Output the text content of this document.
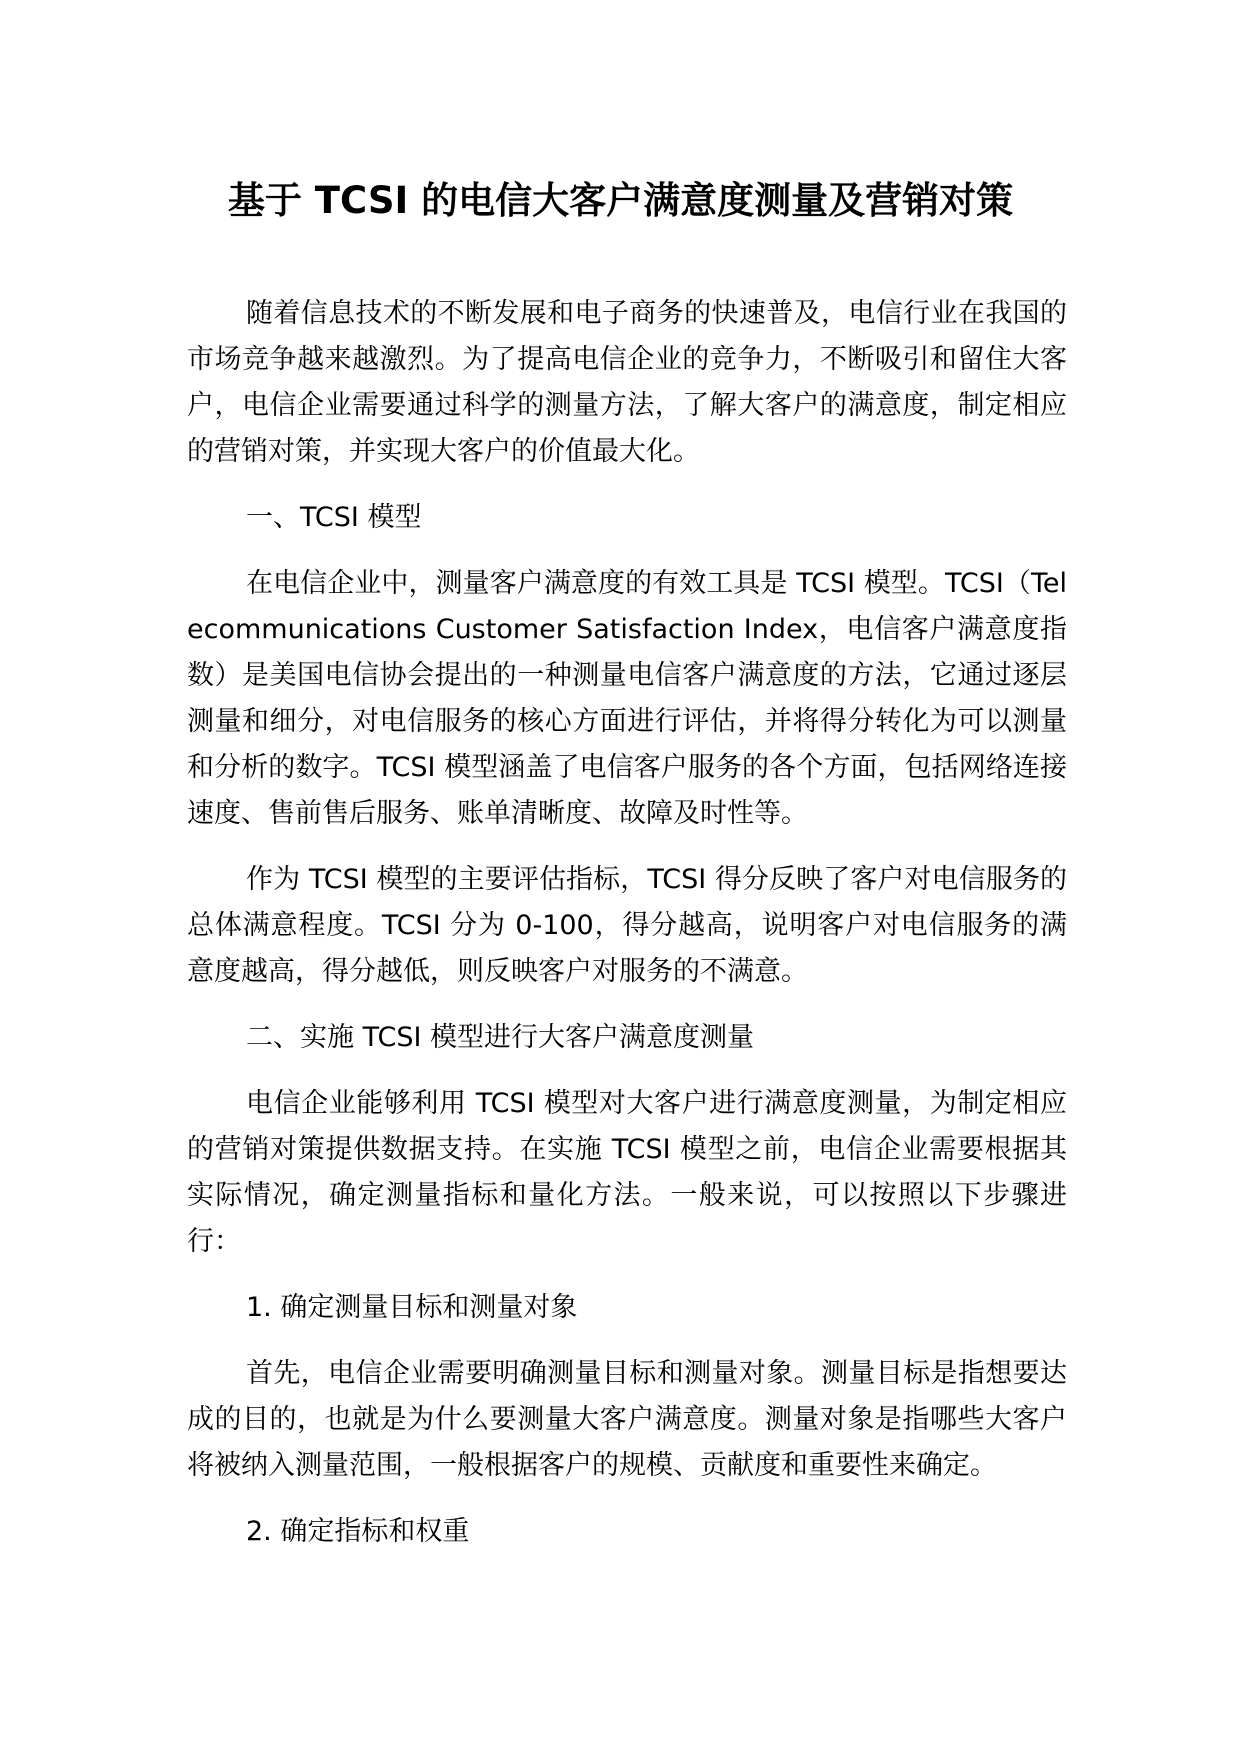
基于 TCSI 的电信大客户满意度测量及营销对策

随着信息技术的不断发展和电子商务的快速普及，电信行业在我国的市场竞争越来越激烈。为了提高电信企业的竞争力，不断吸引和留住大客户，电信企业需要通过科学的测量方法，了解大客户的满意度，制定相应的营销对策，并实现大客户的价值最大化。

一、TCSI 模型

在电信企业中，测量客户满意度的有效工具是 TCSI 模型。TCSI（Telecommunications Customer Satisfaction Index，电信客户满意度指数）是美国电信协会提出的一种测量电信客户满意度的方法，它通过逐层测量和细分，对电信服务的核心方面进行评估，并将得分转化为可以测量和分析的数字。TCSI 模型涵盖了电信客户服务的各个方面，包括网络连接速度、售前售后服务、账单清晰度、故障及时性等。

作为 TCSI 模型的主要评估指标，TCSI 得分反映了客户对电信服务的总体满意程度。TCSI 分为 0-100，得分越高，说明客户对电信服务的满意度越高，得分越低，则反映客户对服务的不满意。

二、实施 TCSI 模型进行大客户满意度测量

电信企业能够利用 TCSI 模型对大客户进行满意度测量，为制定相应的营销对策提供数据支持。在实施 TCSI 模型之前，电信企业需要根据其实际情况，确定测量指标和量化方法。一般来说，可以按照以下步骤进行：

1. 确定测量目标和测量对象

首先，电信企业需要明确测量目标和测量对象。测量目标是指想要达成的目的，也就是为什么要测量大客户满意度。测量对象是指哪些大客户将被纳入测量范围，一般根据客户的规模、贡献度和重要性来确定。

2. 确定指标和权重
